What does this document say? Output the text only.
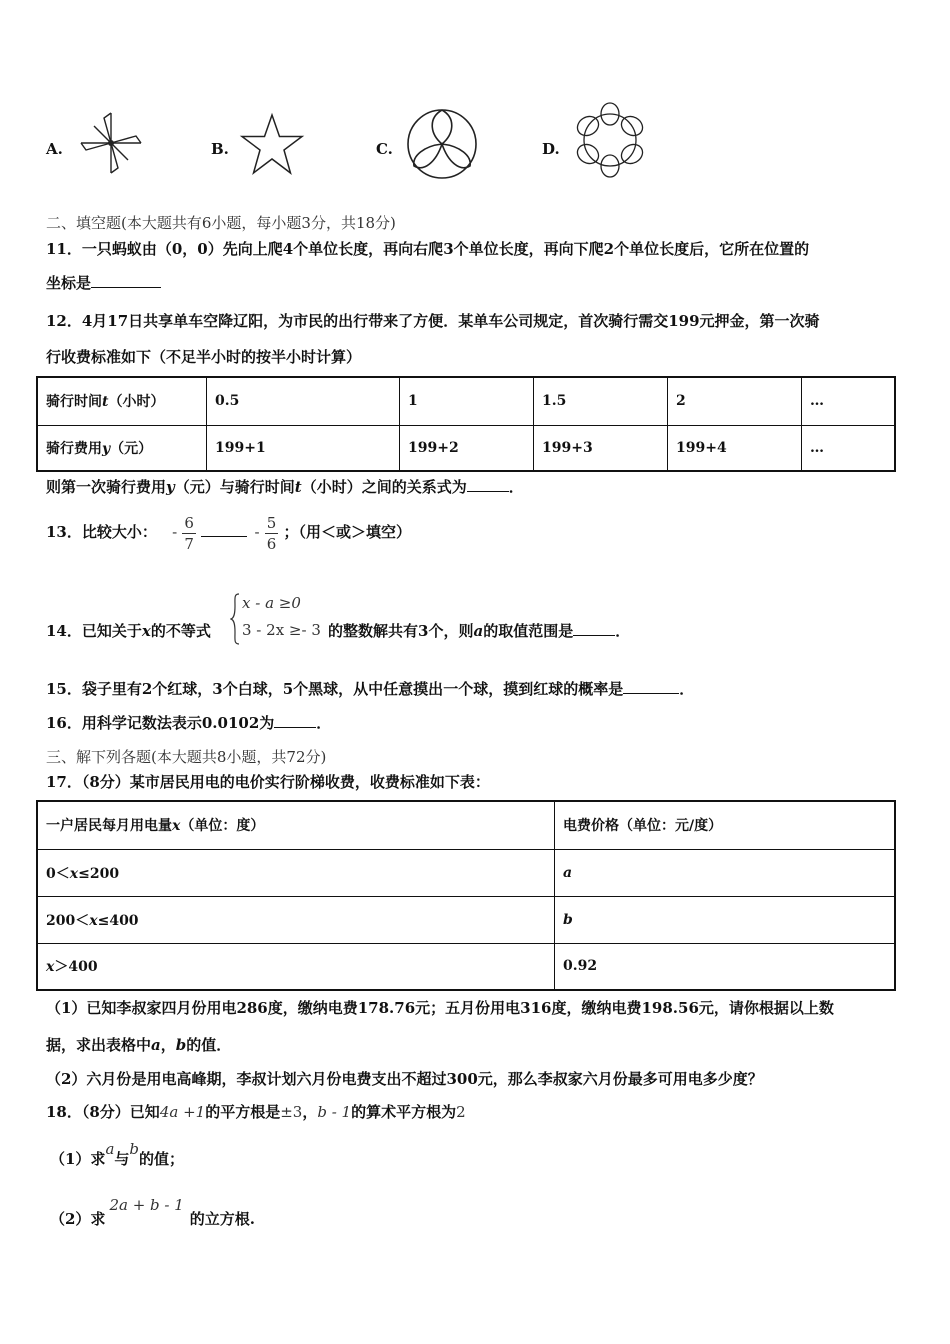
A.	B.	C.	D.
二、填空题(本大题共有6小题，每小题3分，共18分)
11．一只蚂蚁由（0，0）先向上爬4个单位长度，再向右爬3个单位长度，再向下爬2个单位长度后，它所在位置的
坐标是
12．4月17日共享单车空降辽阳，为市民的出行带来了方便．某单车公司规定，首次骑行需交199元押金，第一次骑
行收费标准如下（不足半小时的按半小时计算）
骑行时间t（小时）	0.5	1	1.5	2	…
骑行费用y（元）	199+1	199+2	199+3	199+4	…
则第一次骑行费用y（元）与骑行时间t（小时）之间的关系式为	．
13．比较大小： - $\frac{6}{7}$	- $\frac{5}{6}$ ；（用＜或＞填空）
14．已知关于x的不等式
x - a ≥0
3 - 2x ≥- 3 的整数解共有3个，则a的取值范围是	．
15．袋子里有2个红球，3个白球，5个黑球，从中任意摸出一个球，摸到红球的概率是	．
16．用科学记数法表示0.0102为	．
三、解下列各题(本大题共8小题，共72分)
17．（8分）某市居民用电的电价实行阶梯收费，收费标准如下表：
一户居民每月用电量x（单位：度）	电费价格（单位：元/度）
0＜x≤200	a
200＜x≤400	b
x＞400	0.92
（1）已知李叔家四月份用电286度，缴纳电费178.76元；五月份用电316度，缴纳电费198.56元，请你根据以上数
据，求出表格中a，b的值．
（2）六月份是用电高峰期，李叔计划六月份电费支出不超过300元，那么李叔家六月份最多可用电多少度？
18．（8分）已知4a +1的平方根是±3，b - 1的算术平方根为2
（1）求a与b的值；
（2）求2a + b - 1的立方根.
